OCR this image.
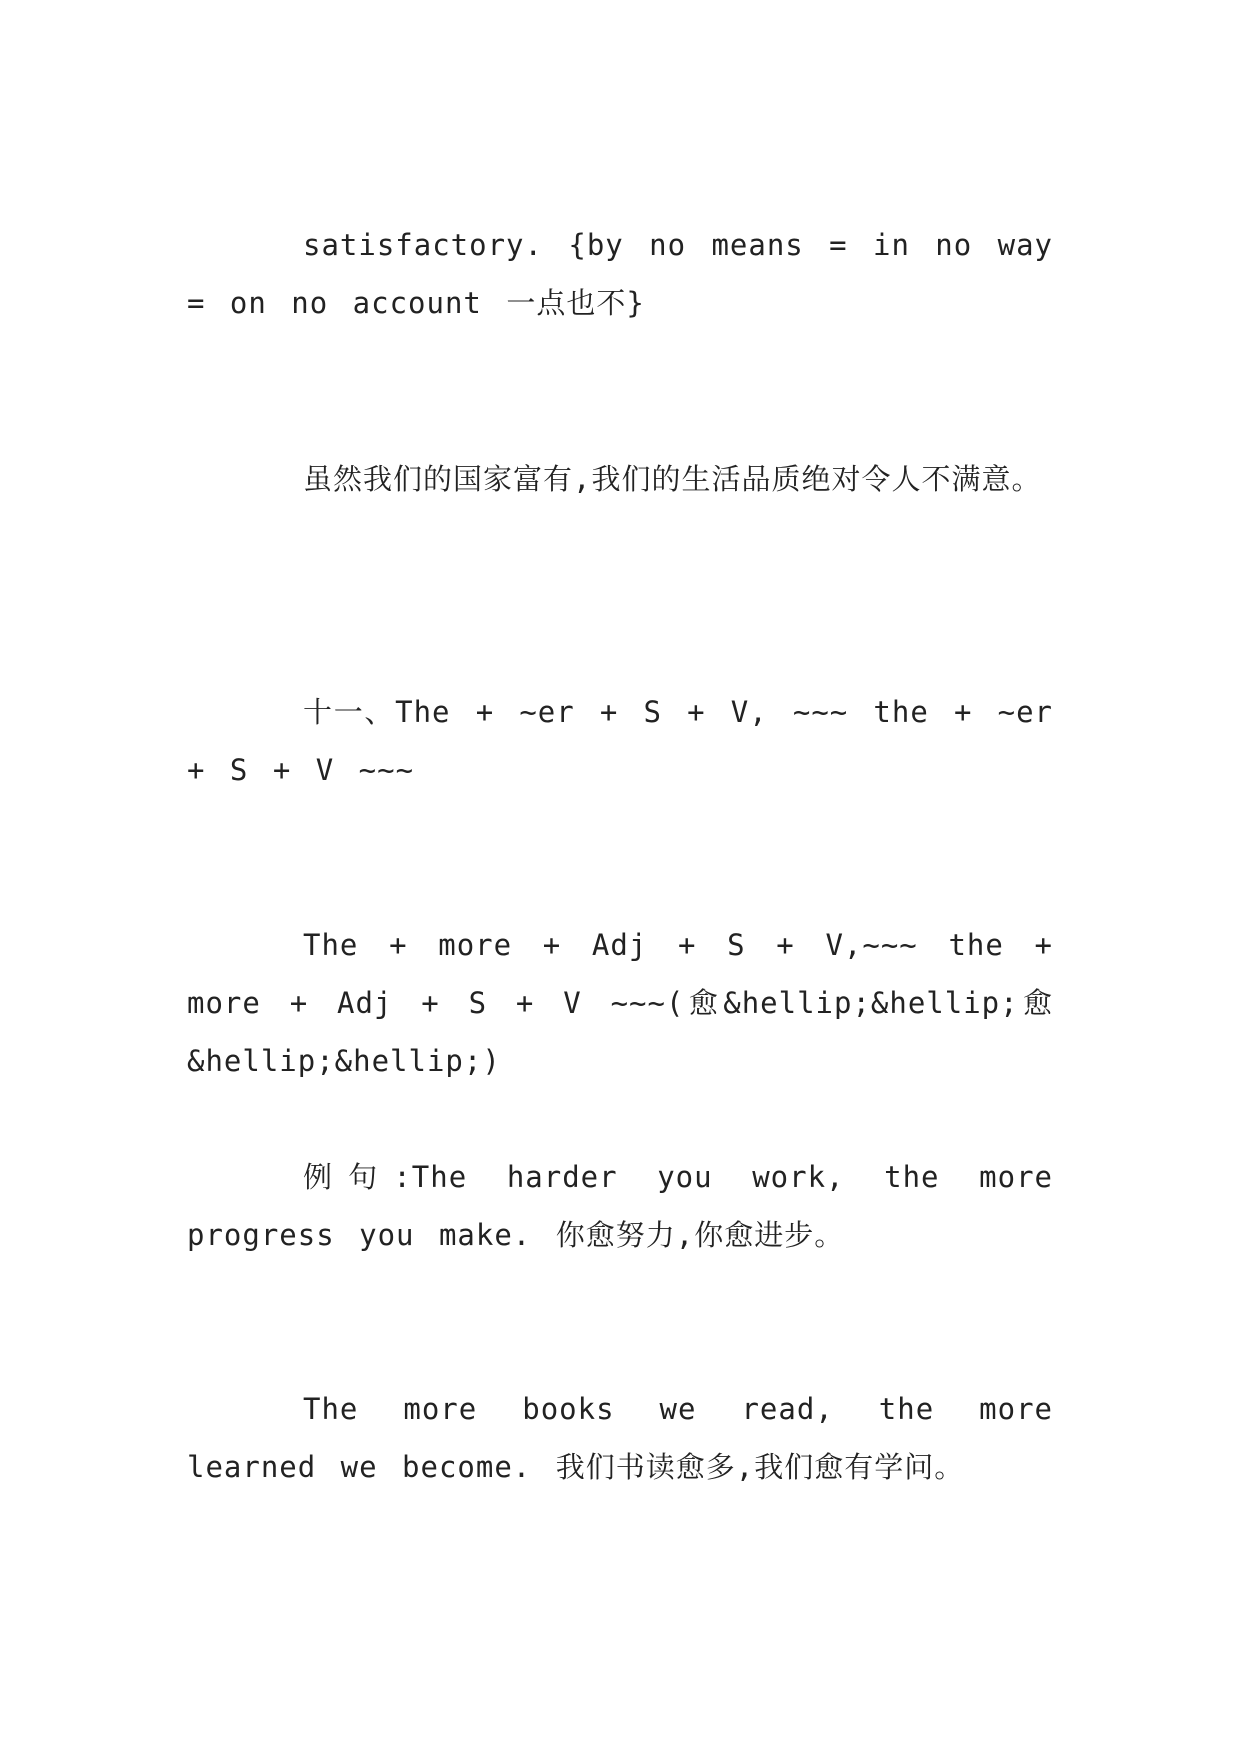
satisfactory. {by no means = in no way = on no account 一点也不}

虽然我们的国家富有,我们的生活品质绝对令人不满意。

十一、The + ~er + S + V, ~~~ the + ~er + S + V ~~~

The + more + Adj + S + V,~~~ the + more + Adj + S + V ~~~(愈&hellip;&hellip;愈&hellip;&hellip;)

例句:The harder you work, the more progress you make. 你愈努力,你愈进步。

The more books we read, the more learned we become. 我们书读愈多,我们愈有学问。
